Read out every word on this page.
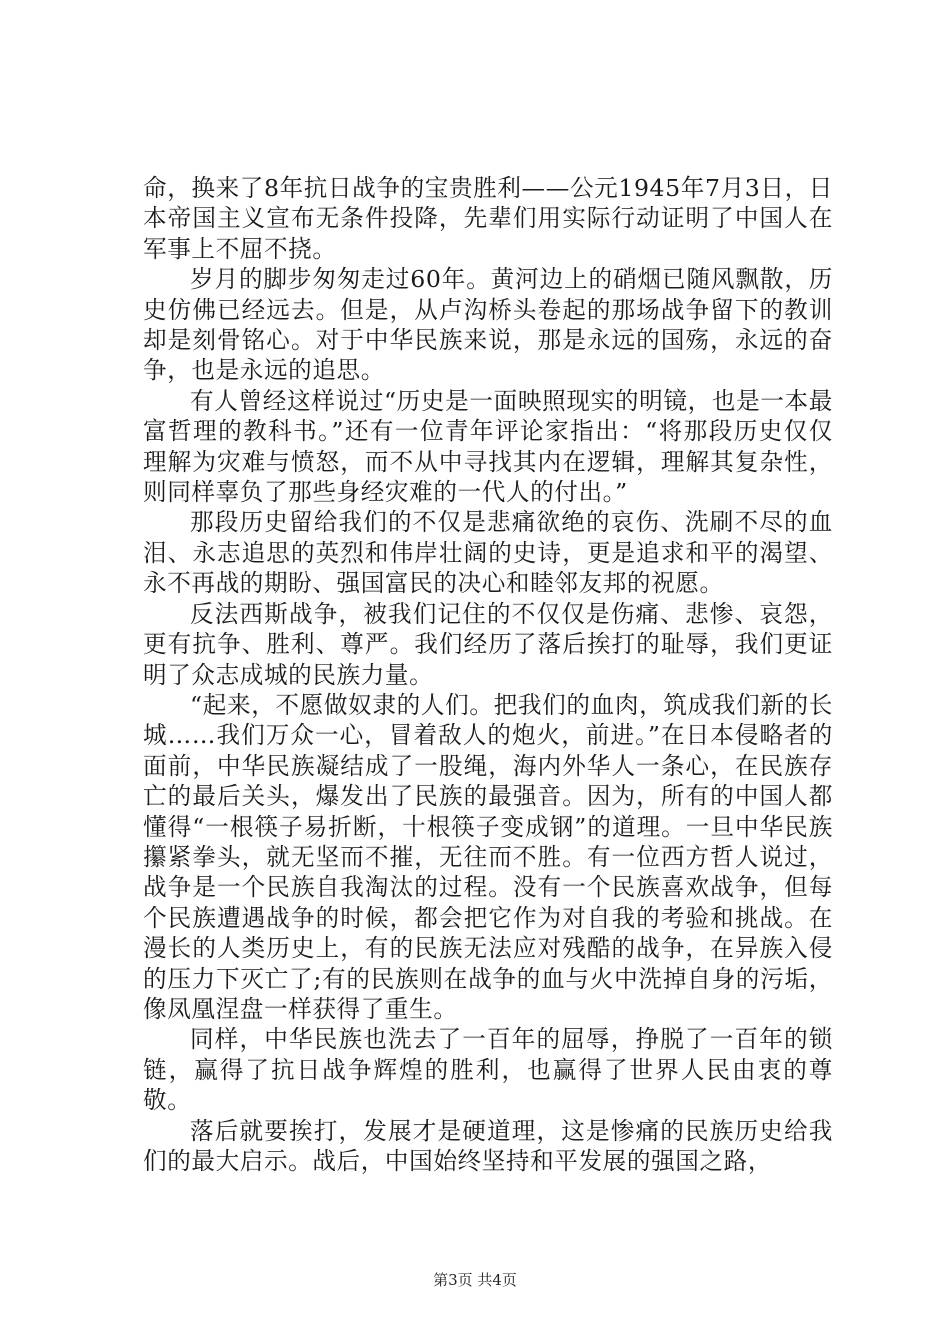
命，换来了8年抗日战争的宝贵胜利——公元1945年7月3日，日本帝国主义宣布无条件投降，先辈们用实际行动证明了中国人在军事上不屈不挠。

岁月的脚步匆匆走过60年。黄河边上的硝烟已随风飘散，历史仿佛已经远去。但是，从卢沟桥头卷起的那场战争留下的教训却是刻骨铭心。对于中华民族来说，那是永远的国殇，永远的奋争，也是永远的追思。

有人曾经这样说过“历史是一面映照现实的明镜，也是一本最富哲理的教科书。”还有一位青年评论家指出：“将那段历史仅仅理解为灾难与愤怒，而不从中寻找其内在逻辑，理解其复杂性，则同样辜负了那些身经灾难的一代人的付出。”

那段历史留给我们的不仅是悲痛欲绝的哀伤、洗刷不尽的血泪、永志追思的英烈和伟岸壮阔的史诗，更是追求和平的渴望、永不再战的期盼、强国富民的决心和睦邻友邦的祝愿。

反法西斯战争，被我们记住的不仅仅是伤痛、悲惨、哀怨，更有抗争、胜利、尊严。我们经历了落后挨打的耻辱，我们更证明了众志成城的民族力量。

“起来，不愿做奴隶的人们。把我们的血肉，筑成我们新的长城……我们万众一心，冒着敌人的炮火，前进。”在日本侵略者的面前，中华民族凝结成了一股绳，海内外华人一条心，在民族存亡的最后关头，爆发出了民族的最强音。因为，所有的中国人都懂得“一根筷子易折断，十根筷子变成钢”的道理。一旦中华民族攥紧拳头，就无坚而不摧，无往而不胜。有一位西方哲人说过，战争是一个民族自我淘汰的过程。没有一个民族喜欢战争，但每个民族遭遇战争的时候，都会把它作为对自我的考验和挑战。在漫长的人类历史上，有的民族无法应对残酷的战争，在异族入侵的压力下灭亡了;有的民族则在战争的血与火中洗掉自身的污垢，像凤凰涅盘一样获得了重生。

同样，中华民族也洗去了一百年的屈辱，挣脱了一百年的锁链，赢得了抗日战争辉煌的胜利，也赢得了世界人民由衷的尊敬。

落后就要挨打，发展才是硬道理，这是惨痛的民族历史给我们的最大启示。战后，中国始终坚持和平发展的强国之路，

第3页 共4页
